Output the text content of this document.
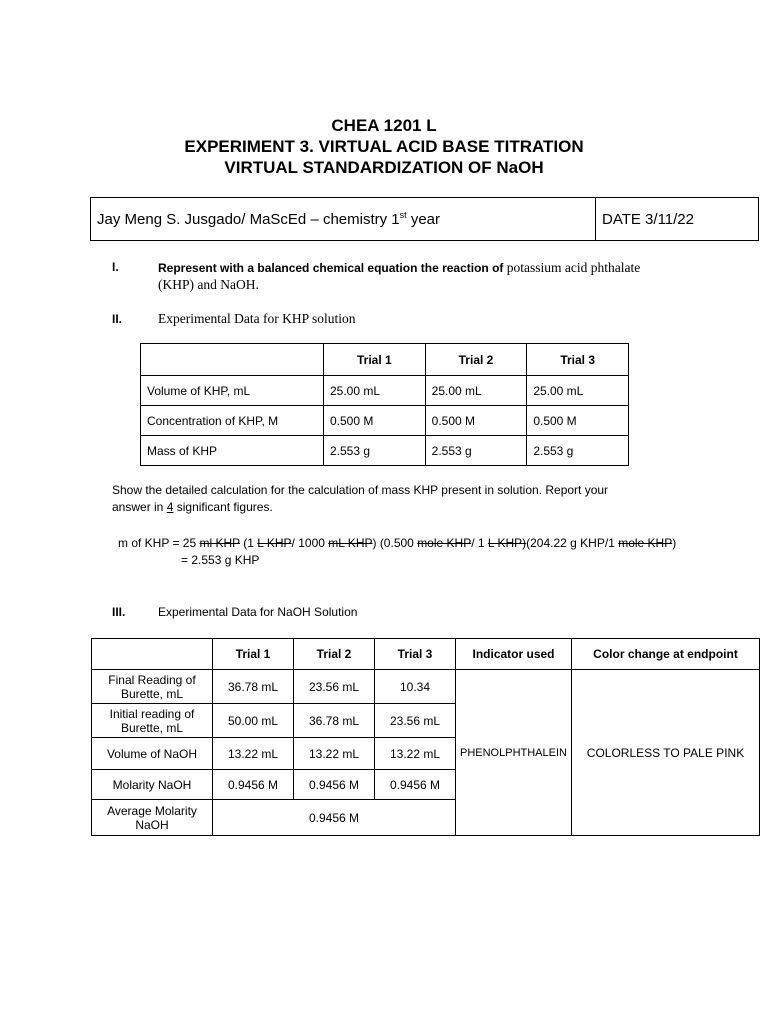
CHEA 1201 L
EXPERIMENT 3. VIRTUAL ACID BASE TITRATION
VIRTUAL STANDARDIZATION OF NaOH
Jay Meng S. Jusgado/ MaScEd – chemistry 1st year	DATE 3/11/22
I.	Represent with a balanced chemical equation the reaction of potassium acid phthalate
(KHP) and NaOH.
II.	Experimental Data for KHP solution
	Trial 1	Trial 2	Trial 3
Volume of KHP, mL	25.00 mL	25.00 mL	25.00 mL
Concentration of KHP, M	0.500 M	0.500 M	0.500 M
Mass of KHP	2.553 g	2.553 g	2.553 g
Show the detailed calculation for the calculation of mass KHP present in solution. Report your
answer in 4 significant figures.
m of KHP = 25 ml KHP (1 L KHP/ 1000 mL KHP) (0.500 mole KHP/ 1 L KHP)(204.22 g KHP/1 mole KHP)
= 2.553 g KHP
III.	Experimental Data for NaOH Solution
	Trial 1	Trial 2	Trial 3	Indicator used	Color change at endpoint
Final Reading of Burette, mL	36.78 mL	23.56 mL	10.34	PHENOLPHTHALEIN	COLORLESS TO PALE PINK
Initial reading of Burette, mL	50.00 mL	36.78 mL	23.56 mL		
Volume of NaOH	13.22 mL	13.22 mL	13.22 mL		
Molarity NaOH	0.9456 M	0.9456 M	0.9456 M		
Average Molarity NaOH	0.9456 M				
